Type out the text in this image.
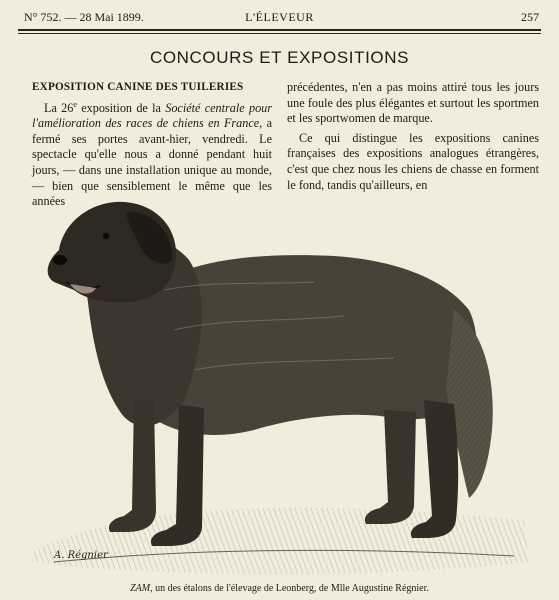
N° 752. — 28 Mai 1899.	L'ÉLEVEUR	257
CONCOURS ET EXPOSITIONS
EXPOSITION CANINE DES TUILERIES

La 26e exposition de la Société centrale pour l'amélioration des races de chiens en France, a fermé ses portes avant-hier, vendredi. Le spectacle qu'elle nous a donné pendant huit jours, — dans une installation unique au monde, — bien que sensiblement le même que les années

précédentes, n'en a pas moins attiré tous les jours une foule des plus élégantes et surtout les sportmen et les sportwomen de marque.

Ce qui distingue les expositions canines françaises des expositions analogues étrangères, c'est que chez nous les chiens de chasse en forment le fond, tandis qu'ailleurs, en

A. Régnier
ZAM, un des étalons de l'élevage de Leonberg, de Mlle Augustine Régnier.
